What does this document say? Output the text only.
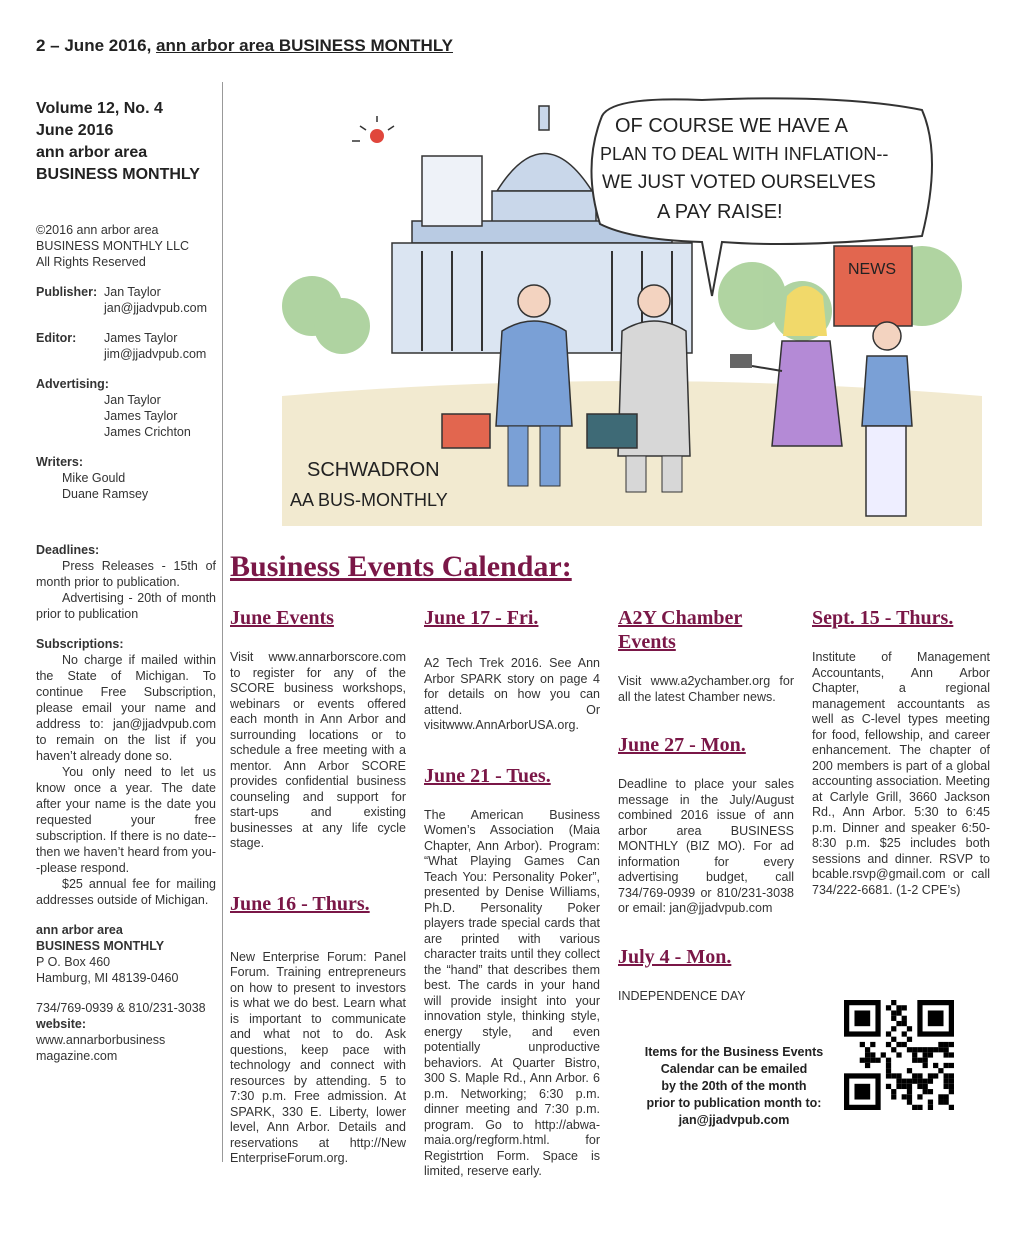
2 – June 2016, ann arbor area BUSINESS MONTHLY
Volume 12, No. 4
June 2016
ann arbor area
BUSINESS MONTHLY
©2016 ann arbor area
BUSINESS MONTHLY LLC
All Rights Reserved
Publisher: Jan Taylor
jan@jjadvpub.com
Editor:	James Taylor
jim@jjadvpub.com
Advertising:
Jan Taylor
James Taylor
James Crichton
Writers:
Mike Gould
Duane Ramsey
Deadlines:
Press Releases - 15th of month prior to publication.
Advertising - 20th of month prior to publication
Subscriptions:
No charge if mailed within the State of Michigan. To continue Free Subscription, please email your name and address to: jan@jjadvpub.com to remain on the list if you haven’t already done so.
You only need to let us know once a year. The date after your name is the date you requested your free subscription. If there is no date--then we haven’t heard from you--please respond.
$25 annual fee for mailing addresses outside of Michigan.
ann arbor area
BUSINESS MONTHLY
P O. Box 460
Hamburg, MI 48139-0460
734/769-0939 & 810/231-3038
website:
www.annarborbusiness magazine.com
OF COURSE WE HAVE A
PLAN TO DEAL WITH INFLATION--
WE JUST VOTED OURSELVES
A PAY RAISE!
NEWS
SCHWADRON
AA BUS-MONTHLY
Business Events Calendar:
June Events
Visit www.annarborscore.com to register for any of the SCORE business workshops, webinars or events offered each month in Ann Arbor and surrounding locations or to schedule a free meeting with a mentor. Ann Arbor SCORE provides confidential business counseling and support for start-ups and existing businesses at any life cycle stage.
June 16 - Thurs.
New Enterprise Forum: Panel Forum. Training entrepreneurs on how to present to investors is what we do best. Learn what is important to communicate and what not to do. Ask questions, keep pace with technology and connect with resources by attending. 5 to 7:30 p.m. Free admission. At SPARK, 330 E. Liberty, lower level, Ann Arbor. Details and reservations at http://New EnterpriseForum.org.
June 17 - Fri.
A2 Tech Trek 2016. See Ann Arbor SPARK story on page 4 for details on how you can attend. Or visitwww.AnnArborUSA.org.
June 21 - Tues.
The American Business Women’s Association (Maia Chapter, Ann Arbor). Program: “What Playing Games Can Teach You: Personality Poker”, presented by Denise Williams, Ph.D. Personality Poker players trade special cards that are printed with various character traits until they collect the “hand” that describes them best. The cards in your hand will provide insight into your innovation style, thinking style, energy style, and even potentially unproductive behaviors. At Quarter Bistro, 300 S. Maple Rd., Ann Arbor. 6 p.m. Networking; 6:30 p.m. dinner meeting and 7:30 p.m. program. Go to http://abwa-maia.org/regform.html. for Registrtion Form. Space is limited, reserve early.
A2Y Chamber Events
Visit www.a2ychamber.org for all the latest Chamber news.
June 27 - Mon.
Deadline to place your sales message in the July/August combined 2016 issue of ann arbor area BUSINESS MONTHLY (BIZ MO). For ad information for every advertising budget, call 734/769-0939 or 810/231-3038 or email: jan@jjadvpub.com
July 4 - Mon.
INDEPENDENCE DAY
Sept. 15 - Thurs.
Institute of Management Accountants, Ann Arbor Chapter, a regional management accountants as well as C-level types meeting for food, fellowship, and career enhancement. The chapter of 200 members is part of a global accounting association. Meeting at Carlyle Grill, 3660 Jackson Rd., Ann Arbor. 5:30 to 6:45 p.m. Dinner and speaker 6:50-8:30 p.m. $25 includes both sessions and dinner. RSVP to bcable.rsvp@gmail.com or call 734/222-6681. (1-2 CPE’s)
Items for the Business Events
Calendar can be emailed
by the 20th of the month
prior to publication month to:
jan@jjadvpub.com
